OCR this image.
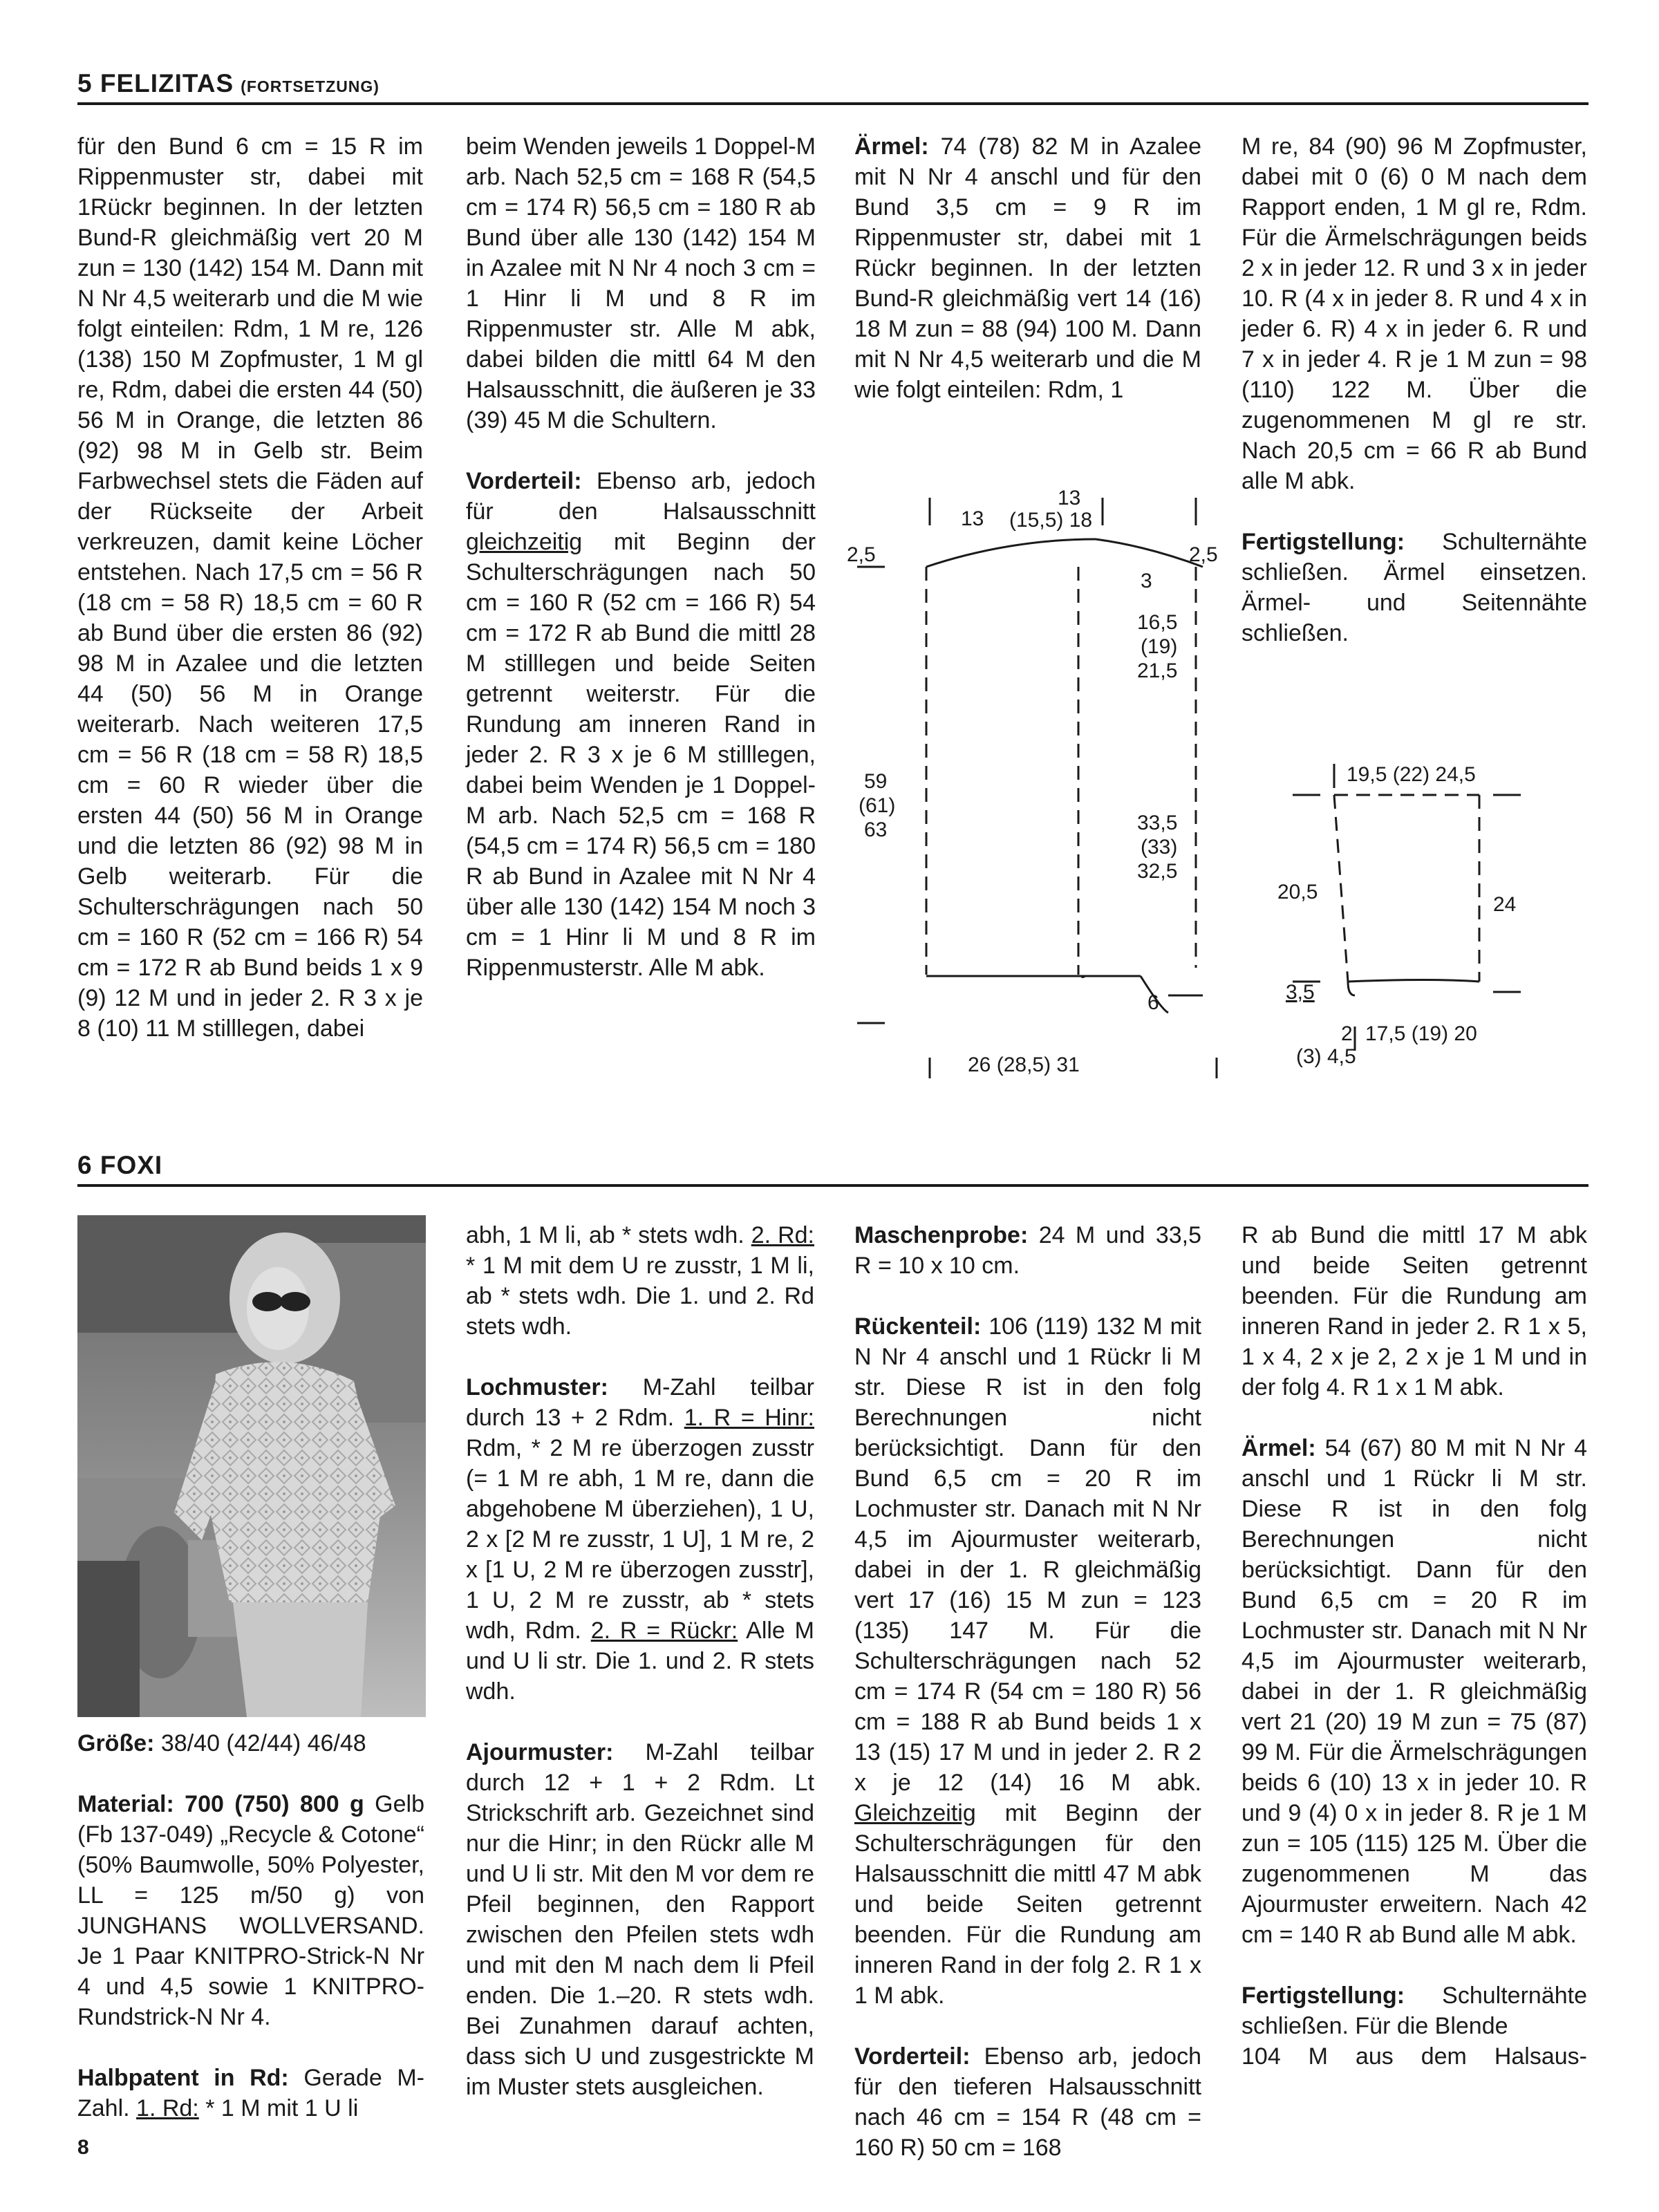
5 FELIZITAS (FORTSETZUNG)

für den Bund 6 cm = 15 R im Rippenmuster str, dabei mit 1Rückr beginnen. In der letzten Bund-R gleichmäßig vert 20 M zun = 130 (142) 154 M. Dann mit N Nr 4,5 weiterarb und die M wie folgt einteilen: Rdm, 1 M re, 126 (138) 150 M Zopfmuster, 1 M gl re, Rdm, dabei die ersten 44 (50) 56 M in Orange, die letzten 86 (92) 98 M in Gelb str. Beim Farbwechsel stets die Fäden auf der Rückseite der Arbeit verkreuzen, damit keine Löcher entstehen. Nach 17,5 cm = 56 R (18 cm = 58 R) 18,5 cm = 60 R ab Bund über die ersten 86 (92) 98 M in Azalee und die letzten 44 (50) 56 M in Orange weiterarb. Nach weiteren 17,5 cm = 56 R (18 cm = 58 R) 18,5 cm = 60 R wieder über die ersten 44 (50) 56 M in Orange und die letzten 86 (92) 98 M in Gelb weiterarb. Für die Schulterschrägungen nach 50 cm = 160 R (52 cm = 166 R) 54 cm = 172 R ab Bund beids 1 x 9 (9) 12 M und in jeder 2. R 3 x je 8 (10) 11 M stilllegen, dabei

beim Wenden jeweils 1 Doppel-M arb. Nach 52,5 cm = 168 R (54,5 cm = 174 R) 56,5 cm = 180 R ab Bund über alle 130 (142) 154 M in Azalee mit N Nr 4 noch 3 cm = 1 Hinr li M und 8 R im Rippenmuster str. Alle M abk, dabei bilden die mittl 64 M den Halsausschnitt, die äußeren je 33 (39) 45 M die Schultern.

Vorderteil: Ebenso arb, jedoch für den Halsausschnitt gleichzeitig mit Beginn der Schulterschrägungen nach 50 cm = 160 R (52 cm = 166 R) 54 cm = 172 R ab Bund die mittl 28 M stilllegen und beide Seiten getrennt weiterstr. Für die Rundung am inneren Rand in jeder 2. R 3 x je 6 M stilllegen, dabei beim Wenden je 1 Doppel-M arb. Nach 52,5 cm = 168 R (54,5 cm = 174 R) 56,5 cm = 180 R ab Bund in Azalee mit N Nr 4 über alle 130 (142) 154 M noch 3 cm = 1 Hinr li M und 8 R im Rippenmusterstr. Alle M abk.

Ärmel: 74 (78) 82 M in Azalee mit N Nr 4 anschl und für den Bund 3,5 cm = 9 R im Rippenmuster str, dabei mit 1 Rückr beginnen. In der letzten Bund-R gleichmäßig vert 14 (16) 18 M zun = 88 (94) 100 M. Dann mit N Nr 4,5 weiterarb und die M wie folgt einteilen: Rdm, 1

M re, 84 (90) 96 M Zopfmuster, dabei mit 0 (6) 0 M nach dem Rapport enden, 1 M gl re, Rdm. Für die Ärmelschrägungen beids 2 x in jeder 12. R und 3 x in jeder 10. R (4 x in jeder 8. R und 4 x in jeder 6. R) 4 x in jeder 6. R und 7 x in jeder 4. R je 1 M zun = 98 (110) 122 M. Über die zugenommenen M gl re str. Nach 20,5 cm = 66 R ab Bund alle M abk.

Fertigstellung: Schulternähte schließen. Ärmel einsetzen. Ärmel- und Seitennähte schließen.

13
13
(15,5) 18
2,5	2,5
3
16,5
(19)
21,5
59
(61)
63	33,5
(33)
32,5
6
26 (28,5) 31
19,5 (22) 24,5
20,5
24
3,5
2 17,5 (19) 20
(3) 4,5
6 FOXI

Größe: 38/40 (42/44) 46/48

Material: 700 (750) 800 g Gelb (Fb 137-049) „Recycle & Cotone“ (50% Baumwolle, 50% Polyester, LL = 125 m/50 g) von JUNGHANS WOLLVERSAND. Je 1 Paar KNITPRO-Strick-N Nr 4 und 4,5 sowie 1 KNITPRO-Rundstrick-N Nr 4.

Halbpatent in Rd: Gerade M-Zahl. 1. Rd: * 1 M mit 1 U li

abh, 1 M li, ab * stets wdh. 2. Rd: * 1 M mit dem U re zusstr, 1 M li, ab * stets wdh. Die 1. und 2. Rd stets wdh.

Lochmuster: M-Zahl teilbar durch 13 + 2 Rdm. 1. R = Hinr: Rdm, * 2 M re überzogen zusstr (= 1 M re abh, 1 M re, dann die abgehobene M überziehen), 1 U, 2 x [2 M re zusstr, 1 U], 1 M re, 2 x [1 U, 2 M re überzogen zusstr], 1 U, 2 M re zusstr, ab * stets wdh, Rdm. 2. R = Rückr: Alle M und U li str. Die 1. und 2. R stets wdh.

Ajourmuster: M-Zahl teilbar durch 12 + 1 + 2 Rdm. Lt Strickschrift arb. Gezeichnet sind nur die Hinr; in den Rückr alle M und U li str. Mit den M vor dem re Pfeil beginnen, den Rapport zwischen den Pfeilen stets wdh und mit den M nach dem li Pfeil enden. Die 1.–20. R stets wdh. Bei Zunahmen darauf achten, dass sich U und zusgestrickte M im Muster stets ausgleichen.

Maschenprobe: 24 M und 33,5 R = 10 x 10 cm.

Rückenteil: 106 (119) 132 M mit N Nr 4 anschl und 1 Rückr li M str. Diese R ist in den folg Berechnungen nicht berücksichtigt. Dann für den Bund 6,5 cm = 20 R im Lochmuster str. Danach mit N Nr 4,5 im Ajourmuster weiterarb, dabei in der 1. R gleichmäßig vert 17 (16) 15 M zun = 123 (135) 147 M. Für die Schulterschrägungen nach 52 cm = 174 R (54 cm = 180 R) 56 cm = 188 R ab Bund beids 1 x 13 (15) 17 M und in jeder 2. R 2 x je 12 (14) 16 M abk. Gleichzeitig mit Beginn der Schulterschrägungen für den Halsausschnitt die mittl 47 M abk und beide Seiten getrennt beenden. Für die Rundung am inneren Rand in der folg 2. R 1 x 1 M abk.

Vorderteil: Ebenso arb, jedoch für den tieferen Halsausschnitt nach 46 cm = 154 R (48 cm = 160 R) 50 cm = 168

R ab Bund die mittl 17 M abk und beide Seiten getrennt beenden. Für die Rundung am inneren Rand in jeder 2. R 1 x 5, 1 x 4, 2 x je 2, 2 x je 1 M und in der folg 4. R 1 x 1 M abk.

Ärmel: 54 (67) 80 M mit N Nr 4 anschl und 1 Rückr li M str. Diese R ist in den folg Berechnungen nicht berücksichtigt. Dann für den Bund 6,5 cm = 20 R im Lochmuster str. Danach mit N Nr 4,5 im Ajourmuster weiterarb, dabei in der 1. R gleichmäßig vert 21 (20) 19 M zun = 75 (87) 99 M. Für die Ärmelschrägungen beids 6 (10) 13 x in jeder 10. R und 9 (4) 0 x in jeder 8. R je 1 M zun = 105 (115) 125 M. Über die zugenommenen M das Ajourmuster erweitern. Nach 42 cm = 140 R ab Bund alle M abk.

Fertigstellung: Schulternähte schließen. Für die Blende

104 M aus dem Halsaus-

8
